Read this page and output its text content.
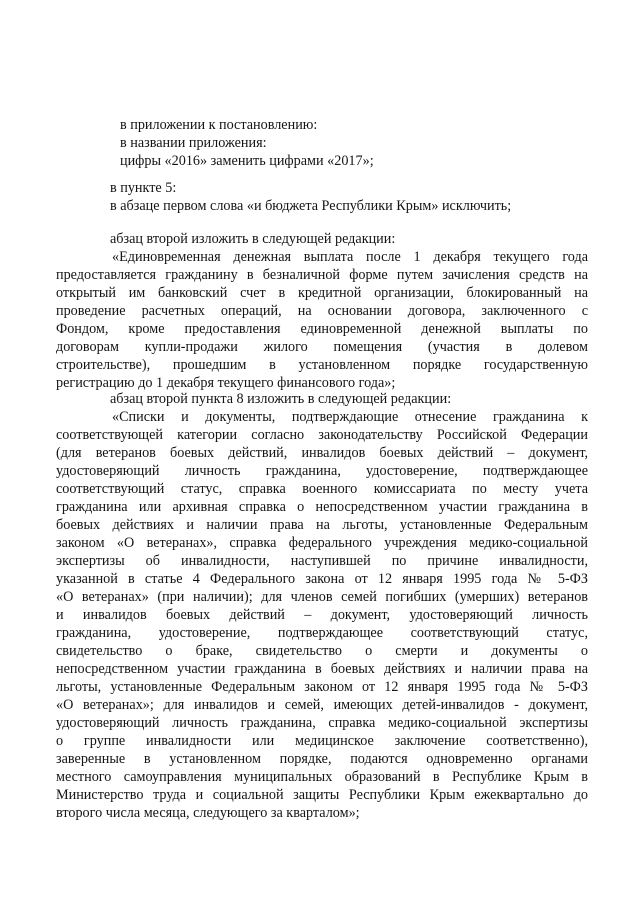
в приложении к постановлению:

в названии приложения:

цифры «2016» заменить цифрами «2017»;

в пункте 5:

в абзаце первом слова «и бюджета Республики Крым» исключить;

абзац второй изложить в следующей редакции:

«Единовременная денежная выплата после 1 декабря текущего года
предоставляется гражданину в безналичной форме путем зачисления средств на
открытый им банковский счет в кредитной организации, блокированный на
проведение расчетных операций, на основании договора, заключенного с
Фондом, кроме предоставления единовременной денежной выплаты по
договорам купли-продажи жилого помещения (участия в долевом
строительстве), прошедшим в установленном порядке государственную
регистрацию до 1 декабря текущего финансового года»;

абзац второй пункта 8 изложить в следующей редакции:

«Списки и документы, подтверждающие отнесение гражданина к
соответствующей категории согласно законодательству Российской Федерации
(для ветеранов боевых действий, инвалидов боевых действий – документ,
удостоверяющий личность гражданина, удостоверение, подтверждающее
соответствующий статус, справка военного комиссариата по месту учета
гражданина или архивная справка о непосредственном участии гражданина в
боевых действиях и наличии права на льготы, установленные Федеральным
законом «О ветеранах», справка федерального учреждения медико-социальной
экспертизы об инвалидности, наступившей по причине инвалидности,
указанной в статье 4 Федерального закона от 12 января 1995 года № 5-ФЗ
«О ветеранах» (при наличии); для членов семей погибших (умерших) ветеранов
и инвалидов боевых действий – документ, удостоверяющий личность
гражданина, удостоверение, подтверждающее соответствующий статус,
свидетельство о браке, свидетельство о смерти и документы о
непосредственном участии гражданина в боевых действиях и наличии права на
льготы, установленные Федеральным законом от 12 января 1995 года № 5-ФЗ
«О ветеранах»; для инвалидов и семей, имеющих детей-инвалидов - документ,
удостоверяющий личность гражданина, справка медико-социальной экспертизы
о группе инвалидности или медицинское заключение соответственно),
заверенные в установленном порядке, подаются одновременно органами
местного самоуправления муниципальных образований в Республике Крым в
Министерство труда и социальной защиты Республики Крым ежеквартально до
второго числа месяца, следующего за кварталом»;
